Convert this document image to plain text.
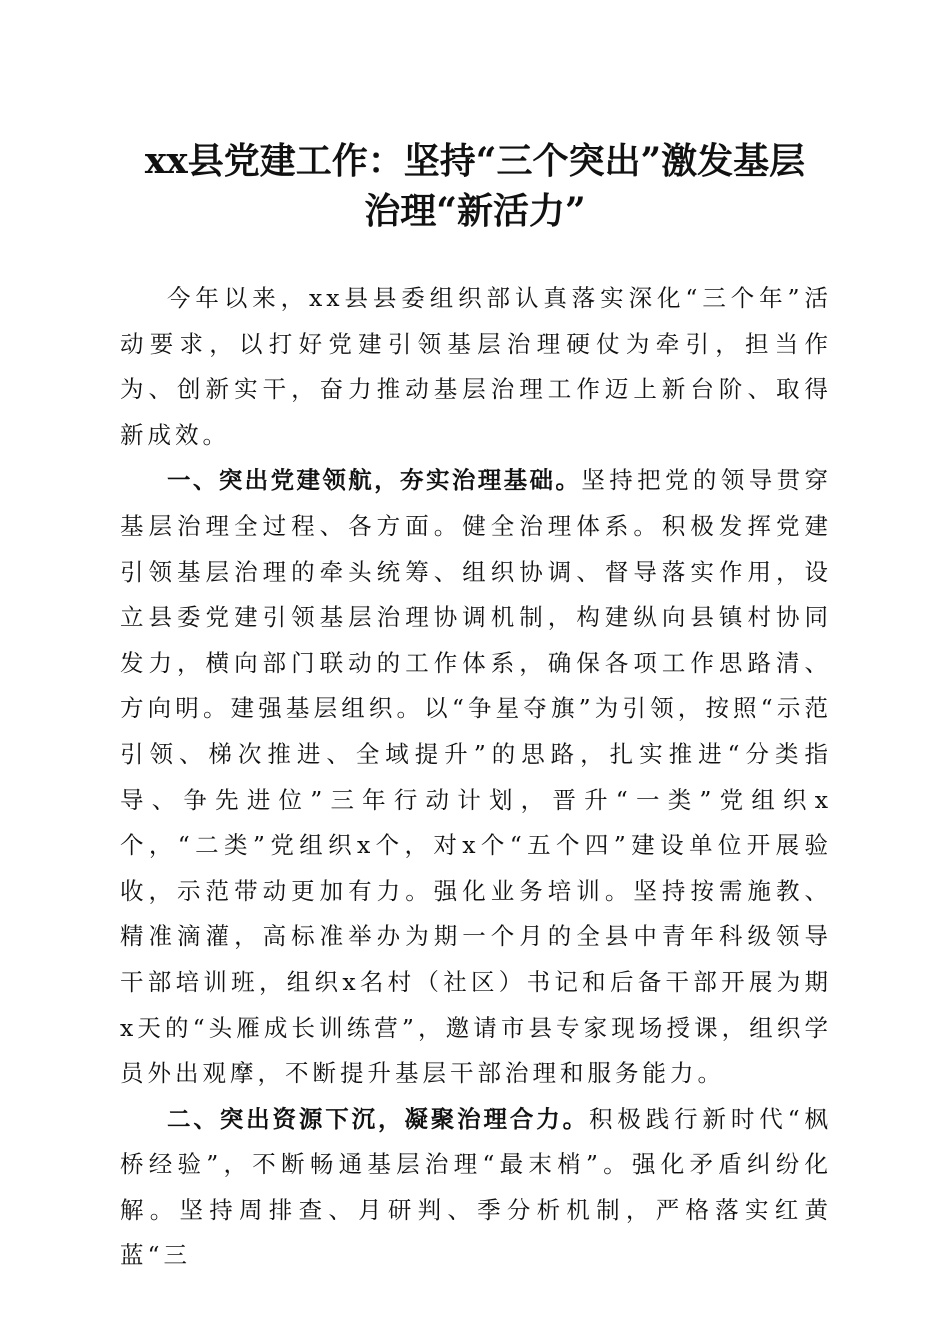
xx县党建工作：坚持“三个突出”激发基层
治理“新活力”

今年以来，xx县县委组织部认真落实深化“三个年”活动要求，以打好党建引领基层治理硬仗为牵引，担当作为、创新实干，奋力推动基层治理工作迈上新台阶、取得新成效。

一、突出党建领航，夯实治理基础。坚持把党的领导贯穿基层治理全过程、各方面。健全治理体系。积极发挥党建引领基层治理的牵头统筹、组织协调、督导落实作用，设立县委党建引领基层治理协调机制，构建纵向县镇村协同发力，横向部门联动的工作体系，确保各项工作思路清、方向明。建强基层组织。以“争星夺旗”为引领，按照“示范引领、梯次推进、全域提升”的思路，扎实推进“分类指导、争先进位”三年行动计划，晋升“一类”党组织x个，“二类”党组织x个，对x个“五个四”建设单位开展验收，示范带动更加有力。强化业务培训。坚持按需施教、精准滴灌，高标准举办为期一个月的全县中青年科级领导干部培训班，组织x名村（社区）书记和后备干部开展为期x天的“头雁成长训练营”，邀请市县专家现场授课，组织学员外出观摩，不断提升基层干部治理和服务能力。

二、突出资源下沉，凝聚治理合力。积极践行新时代“枫桥经验”，不断畅通基层治理“最末梢”。强化矛盾纠纷化解。坚持周排查、月研判、季分析机制，严格落实红黄蓝“三
